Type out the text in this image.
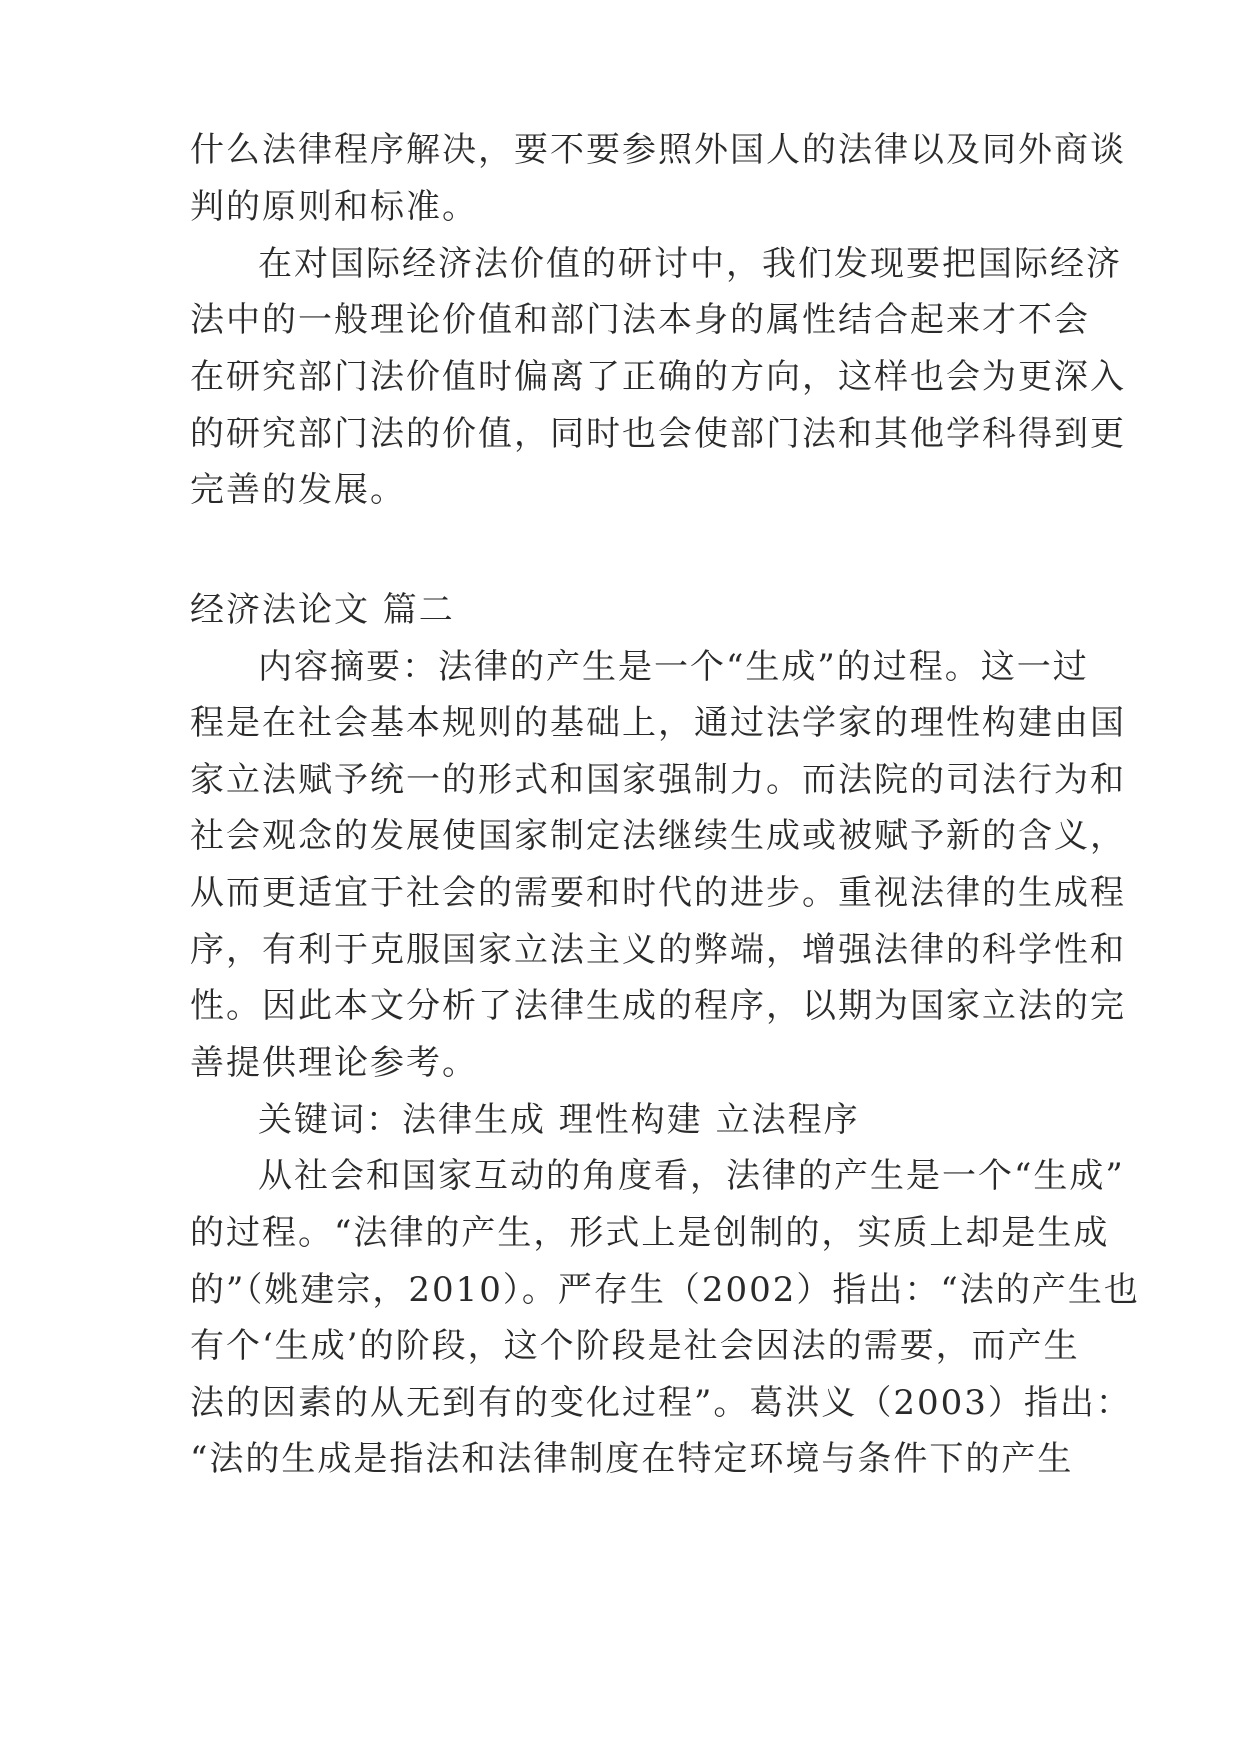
什么法律程序解决，要不要参照外国人的法律以及同外商谈
判的原则和标准。
在对国际经济法价值的研讨中，我们发现要把国际经济
法中的一般理论价值和部门法本身的属性结合起来才不会
在研究部门法价值时偏离了正确的方向，这样也会为更深入
的研究部门法的价值，同时也会使部门法和其他学科得到更
完善的发展。
经济法论文 篇二
内容摘要：法律的产生是一个“生成”的过程。这一过
程是在社会基本规则的基础上，通过法学家的理性构建由国
家立法赋予统一的形式和国家强制力。而法院的司法行为和
社会观念的发展使国家制定法继续生成或被赋予新的含义，
从而更适宜于社会的需要和时代的进步。重视法律的生成程
序，有利于克服国家立法主义的弊端，增强法律的科学性和
性。因此本文分析了法律生成的程序，以期为国家立法的完
善提供理论参考。
关键词：法律生成 理性构建 立法程序
从社会和国家互动的角度看，法律的产生是一个“生成”
的过程。“法律的产生，形式上是创制的，实质上却是生成
的”（姚建宗，2010）。严存生（2002）指出：“法的产生也
有个‘生成’的阶段，这个阶段是社会因法的需要，而产生
法的因素的从无到有的变化过程”。葛洪义（2003）指出：
“法的生成是指法和法律制度在特定环境与条件下的产生
